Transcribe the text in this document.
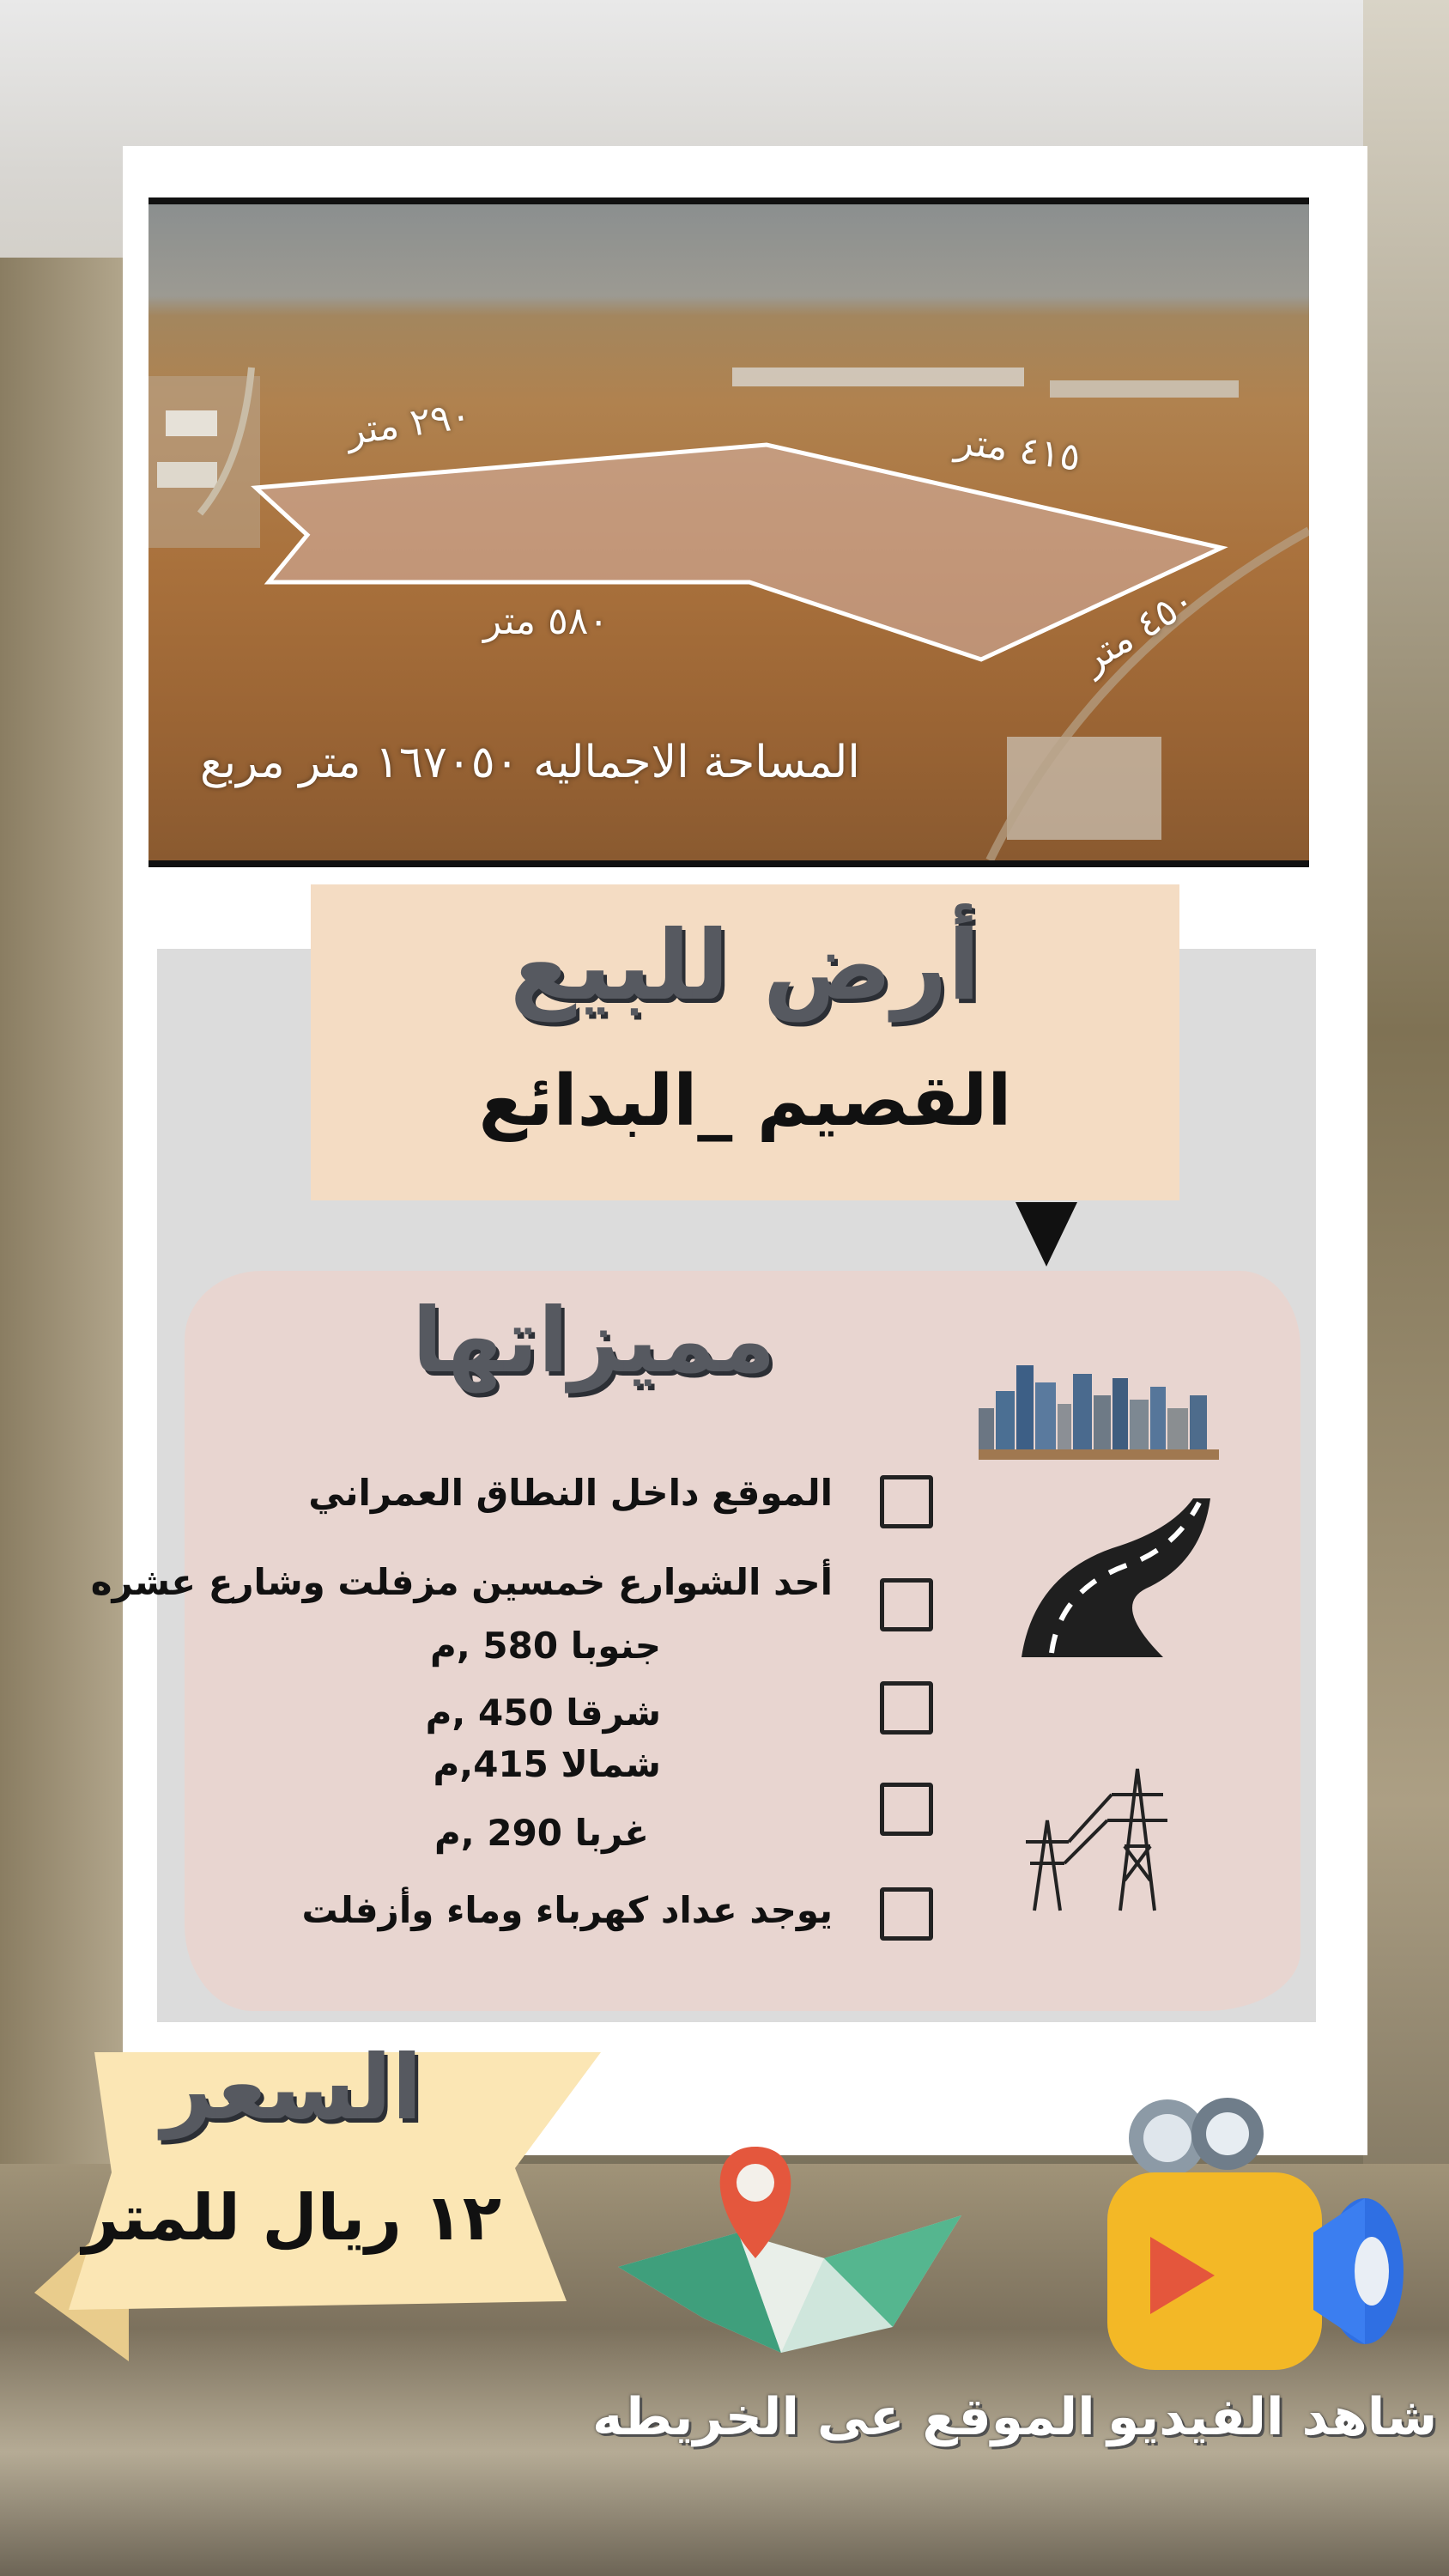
٢٩٠ متر	٤١٥ متر
٥٨٠ متر	٤٥٠ متر
المساحة الاجماليه ١٦٧٠٥٠ متر مربع
أرض للبيع
القصيم _البدائع
مميزاتها
الموقع داخل النطاق العمراني
أحد الشوارع خمسين مزفلت وشارع عشره
جنوبا 580 ,م
شرقا 450 ,م
شمالا 415,م
غربا 290 ,م
يوجد عداد كهرباء وماء وأزفلت
السعر
١٢ ريال للمتر
الموقع عى الخريطه شاهد الفيديو
